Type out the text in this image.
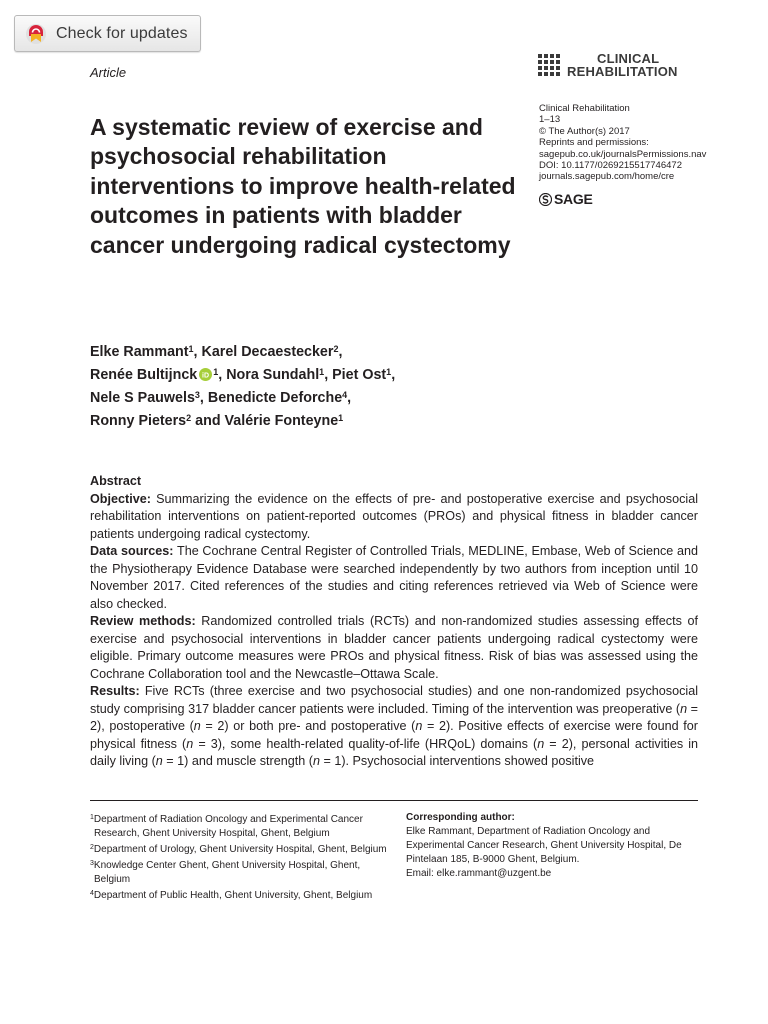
Check for updates
Article
CLINICAL
REHABILITATION
Clinical Rehabilitation
1–13
© The Author(s) 2017
Reprints and permissions:
sagepub.co.uk/journalsPermissions.nav
DOI: 10.1177/0269215517746472
journals.sagepub.com/home/cre
SAGE
A systematic review of exercise and psychosocial rehabilitation interventions to improve health-related outcomes in patients with bladder cancer undergoing radical cystectomy
Elke Rammant$^1$, Karel Decaestecker$^2$,
Renée Bultijnck iD $^1$, Nora Sundahl$^1$, Piet Ost$^1$,
Nele S Pauwels$^3$, Benedicte Deforche$^4$,
Ronny Pieters$^2$ and Valérie Fonteyne$^1$
Abstract

Objective: Summarizing the evidence on the effects of pre- and postoperative exercise and psychosocial rehabilitation interventions on patient-reported outcomes (PROs) and physical fitness in bladder cancer patients undergoing radical cystectomy.

Data sources: The Cochrane Central Register of Controlled Trials, MEDLINE, Embase, Web of Science and the Physiotherapy Evidence Database were searched independently by two authors from inception until 10 November 2017. Cited references of the studies and citing references retrieved via Web of Science were also checked.

Review methods: Randomized controlled trials (RCTs) and non-randomized studies assessing effects of exercise and psychosocial interventions in bladder cancer patients undergoing radical cystectomy were eligible. Primary outcome measures were PROs and physical fitness. Risk of bias was assessed using the Cochrane Collaboration tool and the Newcastle–Ottawa Scale.

Results: Five RCTs (three exercise and two psychosocial studies) and one non-randomized psychosocial study comprising 317 bladder cancer patients were included. Timing of the intervention was preoperative (n = 2), postoperative (n = 2) or both pre- and postoperative (n = 2). Positive effects of exercise were found for physical fitness (n = 3), some health-related quality-of-life (HRQoL) domains (n = 2), personal activities in daily living (n = 1) and muscle strength (n = 1). Psychosocial interventions showed positive

$^1$Department of Radiation Oncology and Experimental Cancer Research, Ghent University Hospital, Ghent, Belgium
$^2$Department of Urology, Ghent University Hospital, Ghent, Belgium
$^3$Knowledge Center Ghent, Ghent University Hospital, Ghent, Belgium
$^4$Department of Public Health, Ghent University, Ghent, Belgium
Corresponding author:
Elke Rammant, Department of Radiation Oncology and Experimental Cancer Research, Ghent University Hospital, De Pintelaan 185, B-9000 Ghent, Belgium.
Email: elke.rammant@uzgent.be
